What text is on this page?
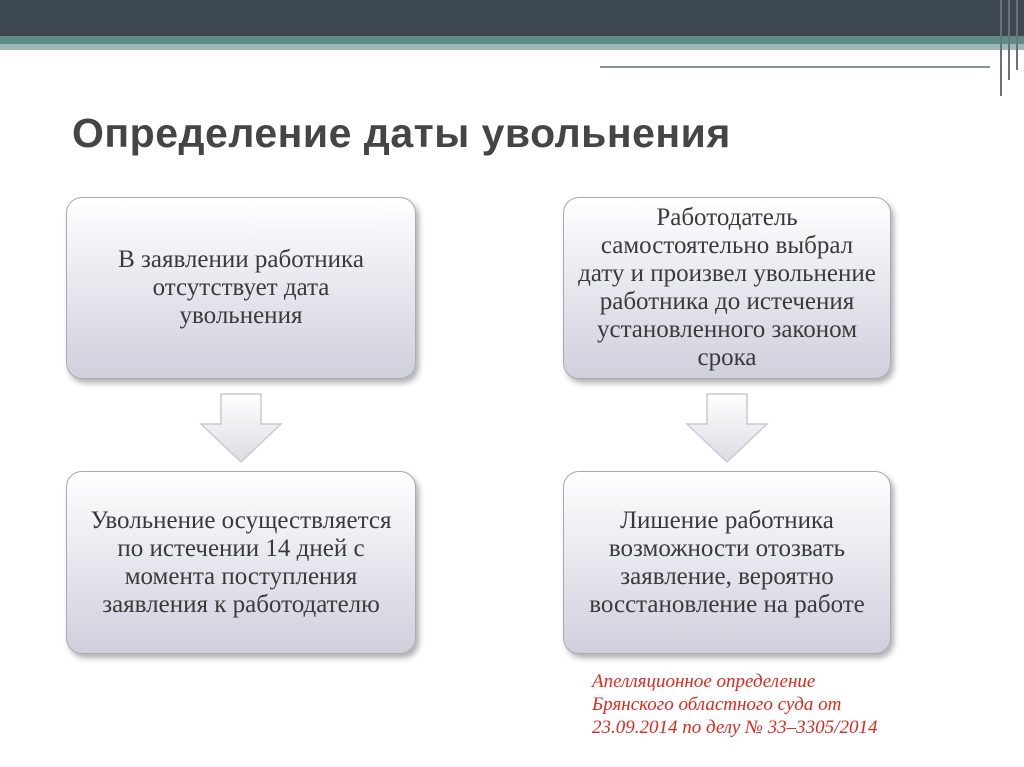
Определение даты увольнения
В заявлении работника отсутствует дата увольнения
Увольнение осуществляется по истечении 14 дней с момента поступления заявления к работодателю
Работодатель самостоятельно выбрал дату и произвел увольнение работника до истечения установленного законом срока
Лишение работника возможности отозвать заявление, вероятно восстановление на работе

Апелляционное определение Брянского областного суда от 23.09.2014 по делу № 33–3305/2014
